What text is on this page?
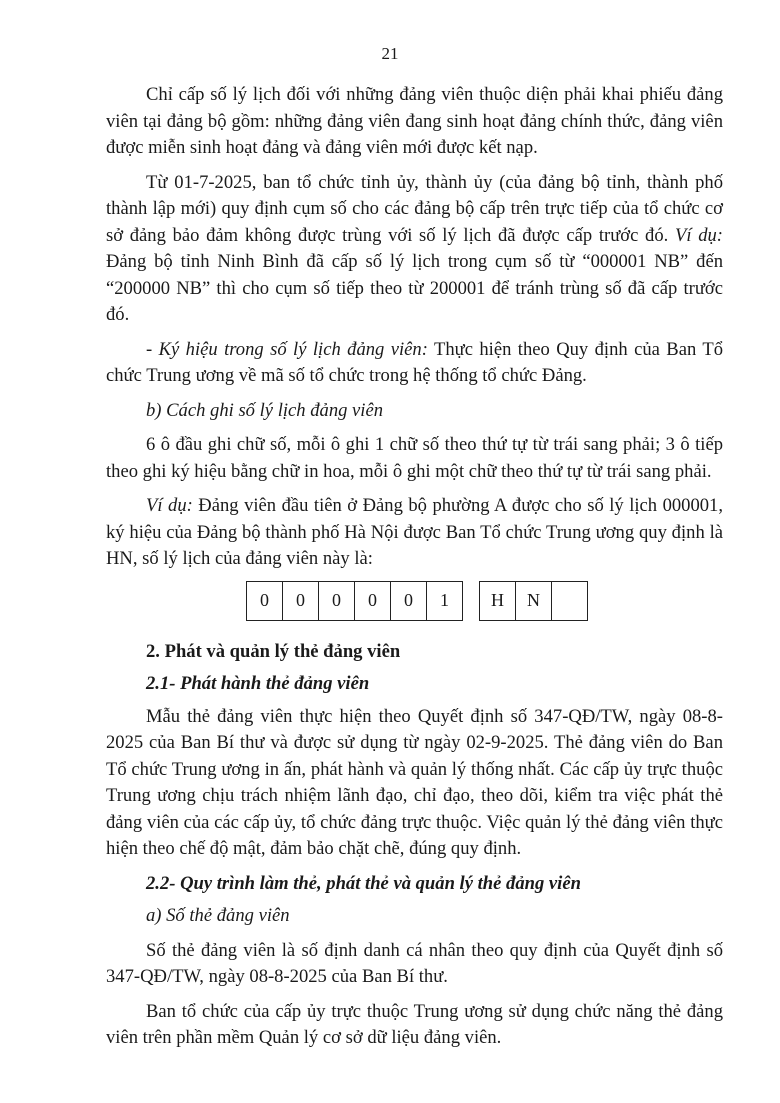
21

Chỉ cấp số lý lịch đối với những đảng viên thuộc diện phải khai phiếu đảng viên tại đảng bộ gồm: những đảng viên đang sinh hoạt đảng chính thức, đảng viên được miễn sinh hoạt đảng và đảng viên mới được kết nạp.

Từ 01-7-2025, ban tổ chức tỉnh ủy, thành ủy (của đảng bộ tỉnh, thành phố thành lập mới) quy định cụm số cho các đảng bộ cấp trên trực tiếp của tổ chức cơ sở đảng bảo đảm không được trùng với số lý lịch đã được cấp trước đó. Ví dụ: Đảng bộ tỉnh Ninh Bình đã cấp số lý lịch trong cụm số từ “000001 NB” đến “200000 NB” thì cho cụm số tiếp theo từ 200001 để tránh trùng số đã cấp trước đó.

- Ký hiệu trong số lý lịch đảng viên: Thực hiện theo Quy định của Ban Tổ chức Trung ương về mã số tổ chức trong hệ thống tổ chức Đảng.

b) Cách ghi số lý lịch đảng viên

6 ô đầu ghi chữ số, mỗi ô ghi 1 chữ số theo thứ tự từ trái sang phải; 3 ô tiếp theo ghi ký hiệu bằng chữ in hoa, mỗi ô ghi một chữ theo thứ tự từ trái sang phải.

Ví dụ: Đảng viên đầu tiên ở Đảng bộ phường A được cho số lý lịch 000001, ký hiệu của Đảng bộ thành phố Hà Nội được Ban Tổ chức Trung ương quy định là HN, số lý lịch của đảng viên này là:

0	0	0	0	0	1	H	N
2. Phát và quản lý thẻ đảng viên
2.1- Phát hành thẻ đảng viên

Mẫu thẻ đảng viên thực hiện theo Quyết định số 347-QĐ/TW, ngày 08-8-2025 của Ban Bí thư và được sử dụng từ ngày 02-9-2025. Thẻ đảng viên do Ban Tổ chức Trung ương in ấn, phát hành và quản lý thống nhất. Các cấp ủy trực thuộc Trung ương chịu trách nhiệm lãnh đạo, chỉ đạo, theo dõi, kiểm tra việc phát thẻ đảng viên của các cấp ủy, tổ chức đảng trực thuộc. Việc quản lý thẻ đảng viên thực hiện theo chế độ mật, đảm bảo chặt chẽ, đúng quy định.

2.2- Quy trình làm thẻ, phát thẻ và quản lý thẻ đảng viên

a) Số thẻ đảng viên

Số thẻ đảng viên là số định danh cá nhân theo quy định của Quyết định số 347-QĐ/TW, ngày 08-8-2025 của Ban Bí thư.

Ban tổ chức của cấp ủy trực thuộc Trung ương sử dụng chức năng thẻ đảng viên trên phần mềm Quản lý cơ sở dữ liệu đảng viên.
